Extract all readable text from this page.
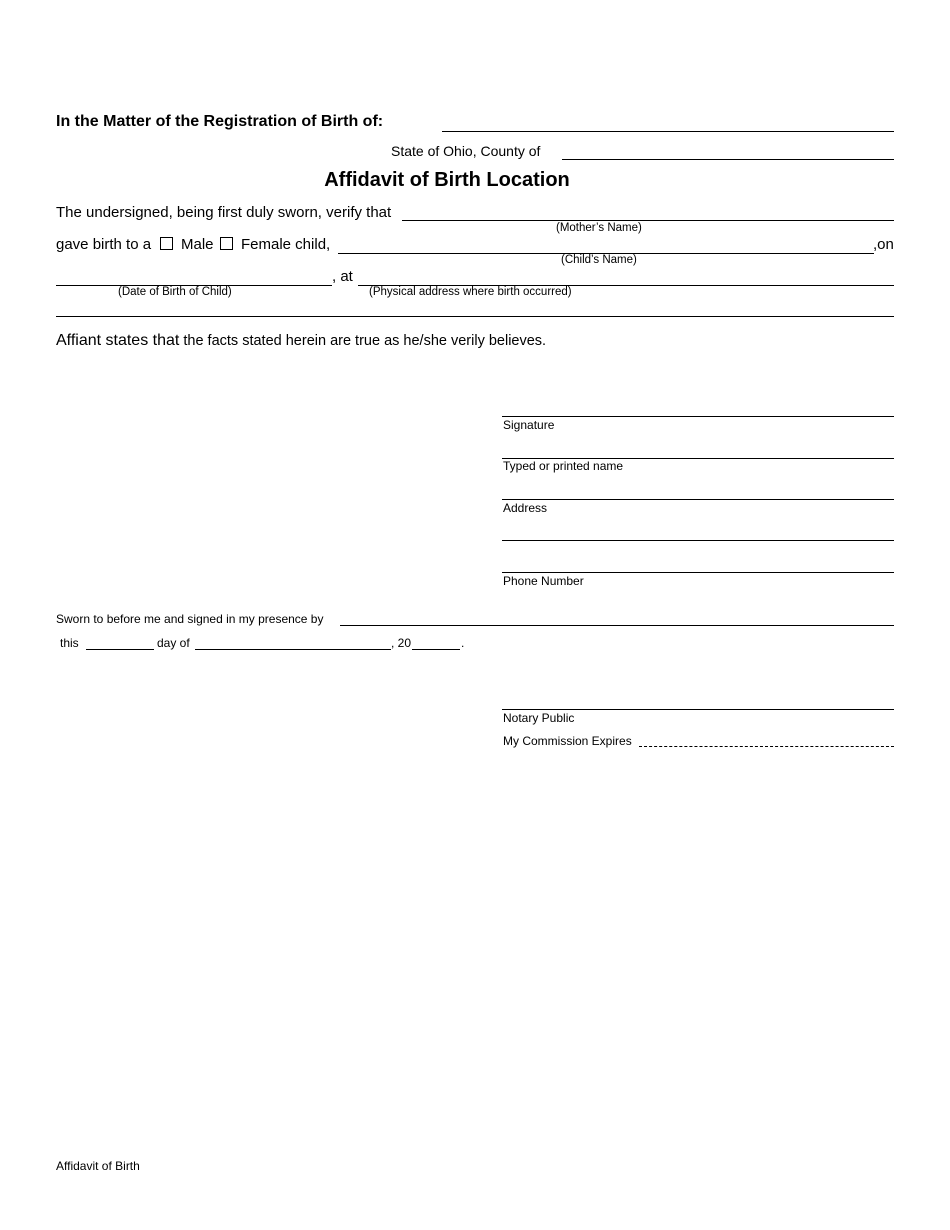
In the Matter of the Registration of Birth of:
State of Ohio, County of
Affidavit of Birth Location
The undersigned, being first duly sworn, verify that
(Mother’s Name)
gave birth to a Male Female child,	,on
(Child’s Name)
, at
(Date of Birth of Child)	(Physical address where birth occurred)
Affiant states that the facts stated herein are true as he/she verily believes.
Signature
Typed or printed name
Address
Phone Number
Sworn to before me and signed in my presence by
this	day of	, 20	.
Notary Public
My Commission Expires
Affidavit of Birth
